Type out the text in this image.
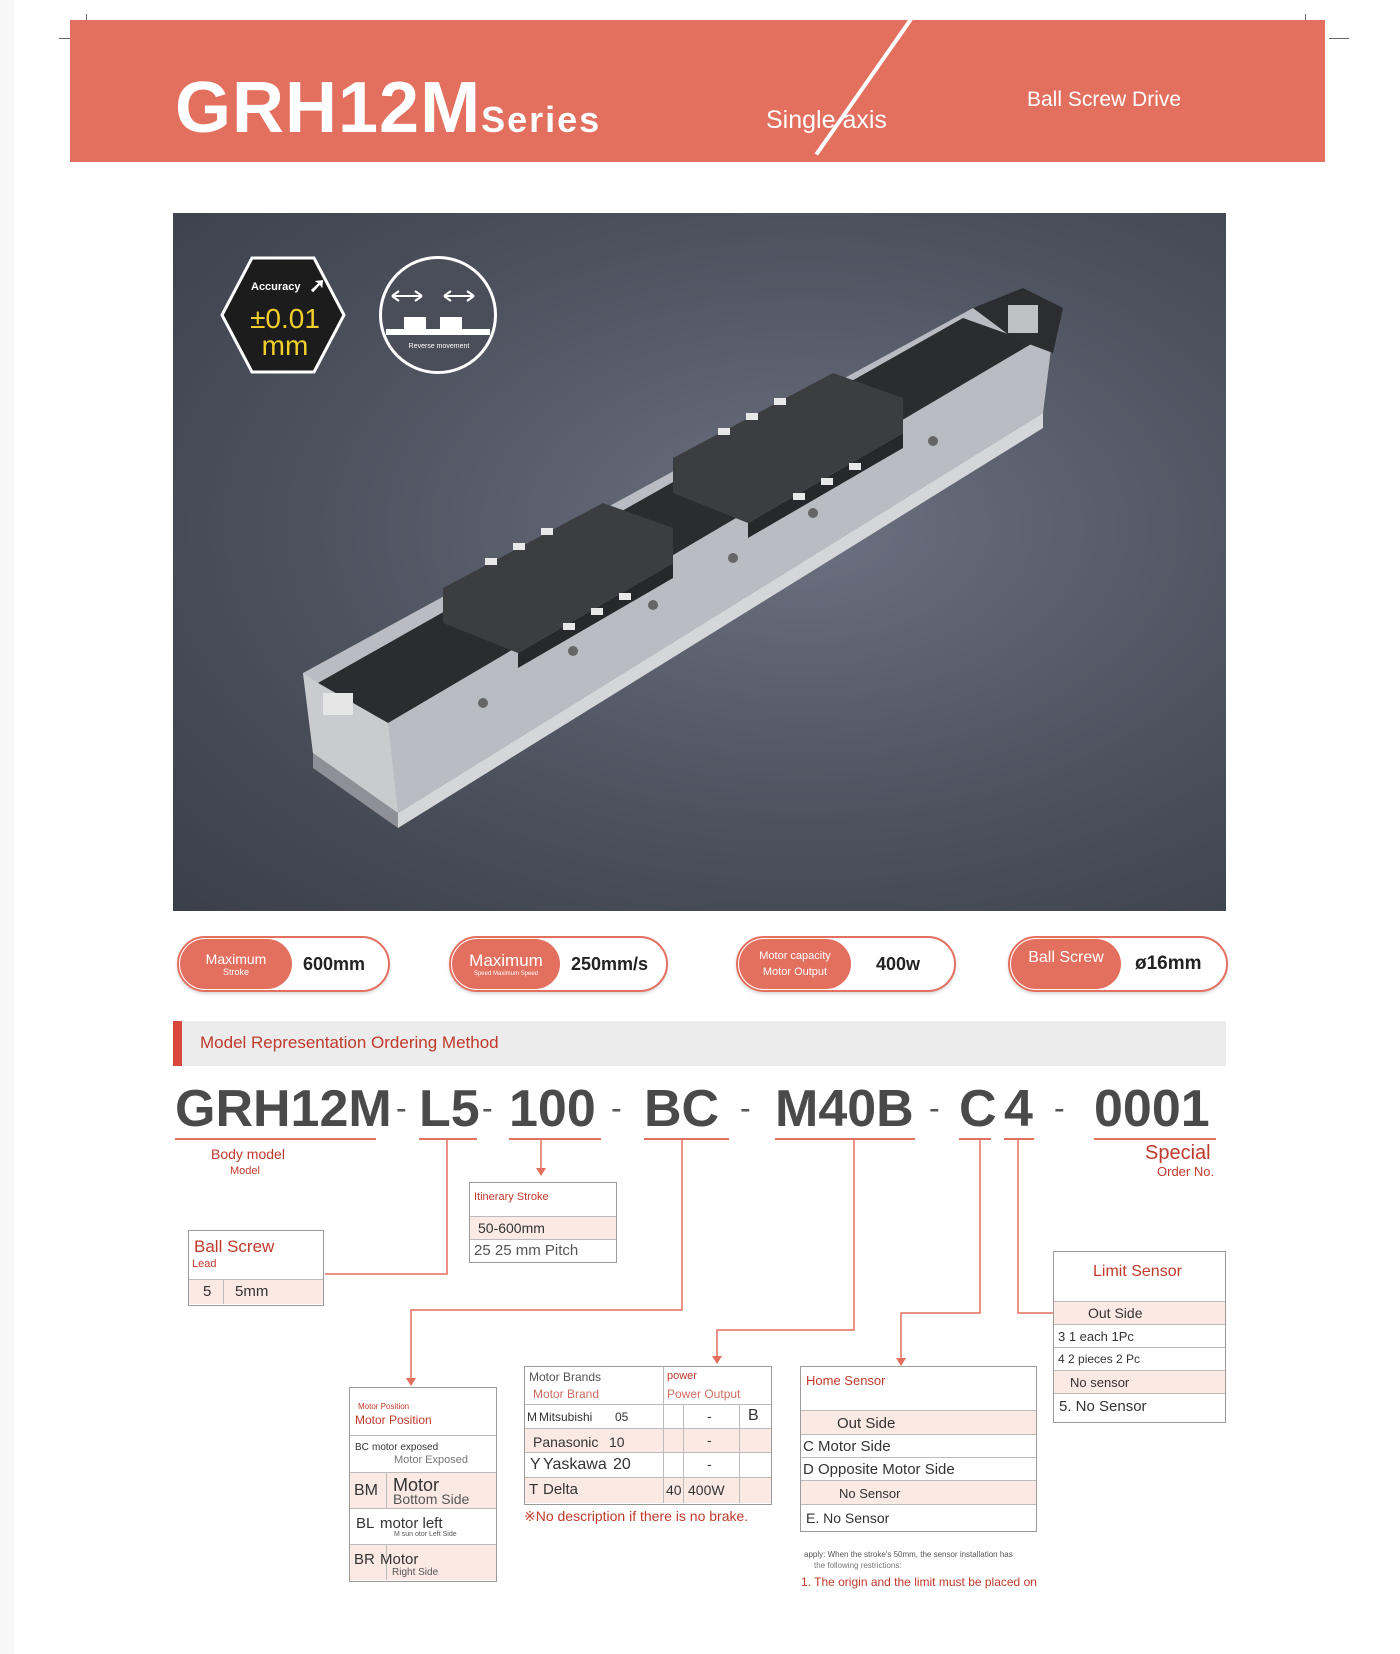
GRH12MSeries	Single axis
Ball Screw Drive
Accuracy ➚
±0.01
mm	Reverse movement
Maximum
Stroke	600mm	Maximum
Speed Maximum Speed
250mm/s	Motor capacity
Motor Output	400w	Ball Screw	ø16mm
Model Representation Ordering Method
GRH12M - L5 - 100 - BC - M40B - C 4 - 0001
Body model
Model
Special
Order No.
Ball Screw
Lead
5 5mm
Itinerary Stroke
50-600mm
25 25 mm Pitch
Motor Position
Motor Position
BC motor exposed
Motor Exposed
BM Motor
Bottom Side
BL motor left
M sun otor Left Side
BR Motor
Right Side
Motor Brands
Motor Brand
power
Power Output
M Mitsubishi 05	- B
Panasonic 10	-
Y Yaskawa 20	-
T Delta	40 400W
※No description if there is no brake.
Home Sensor
Out Side
C Motor Side
D Opposite Motor Side
No Sensor
E. No Sensor
apply: When the stroke's 50mm, the sensor installation has
the following restrictions:
1. The origin and the limit must be placed on
Limit Sensor
Out Side
3 1 each 1Pc
4 2 pieces 2 Pc
No sensor
5. No Sensor
